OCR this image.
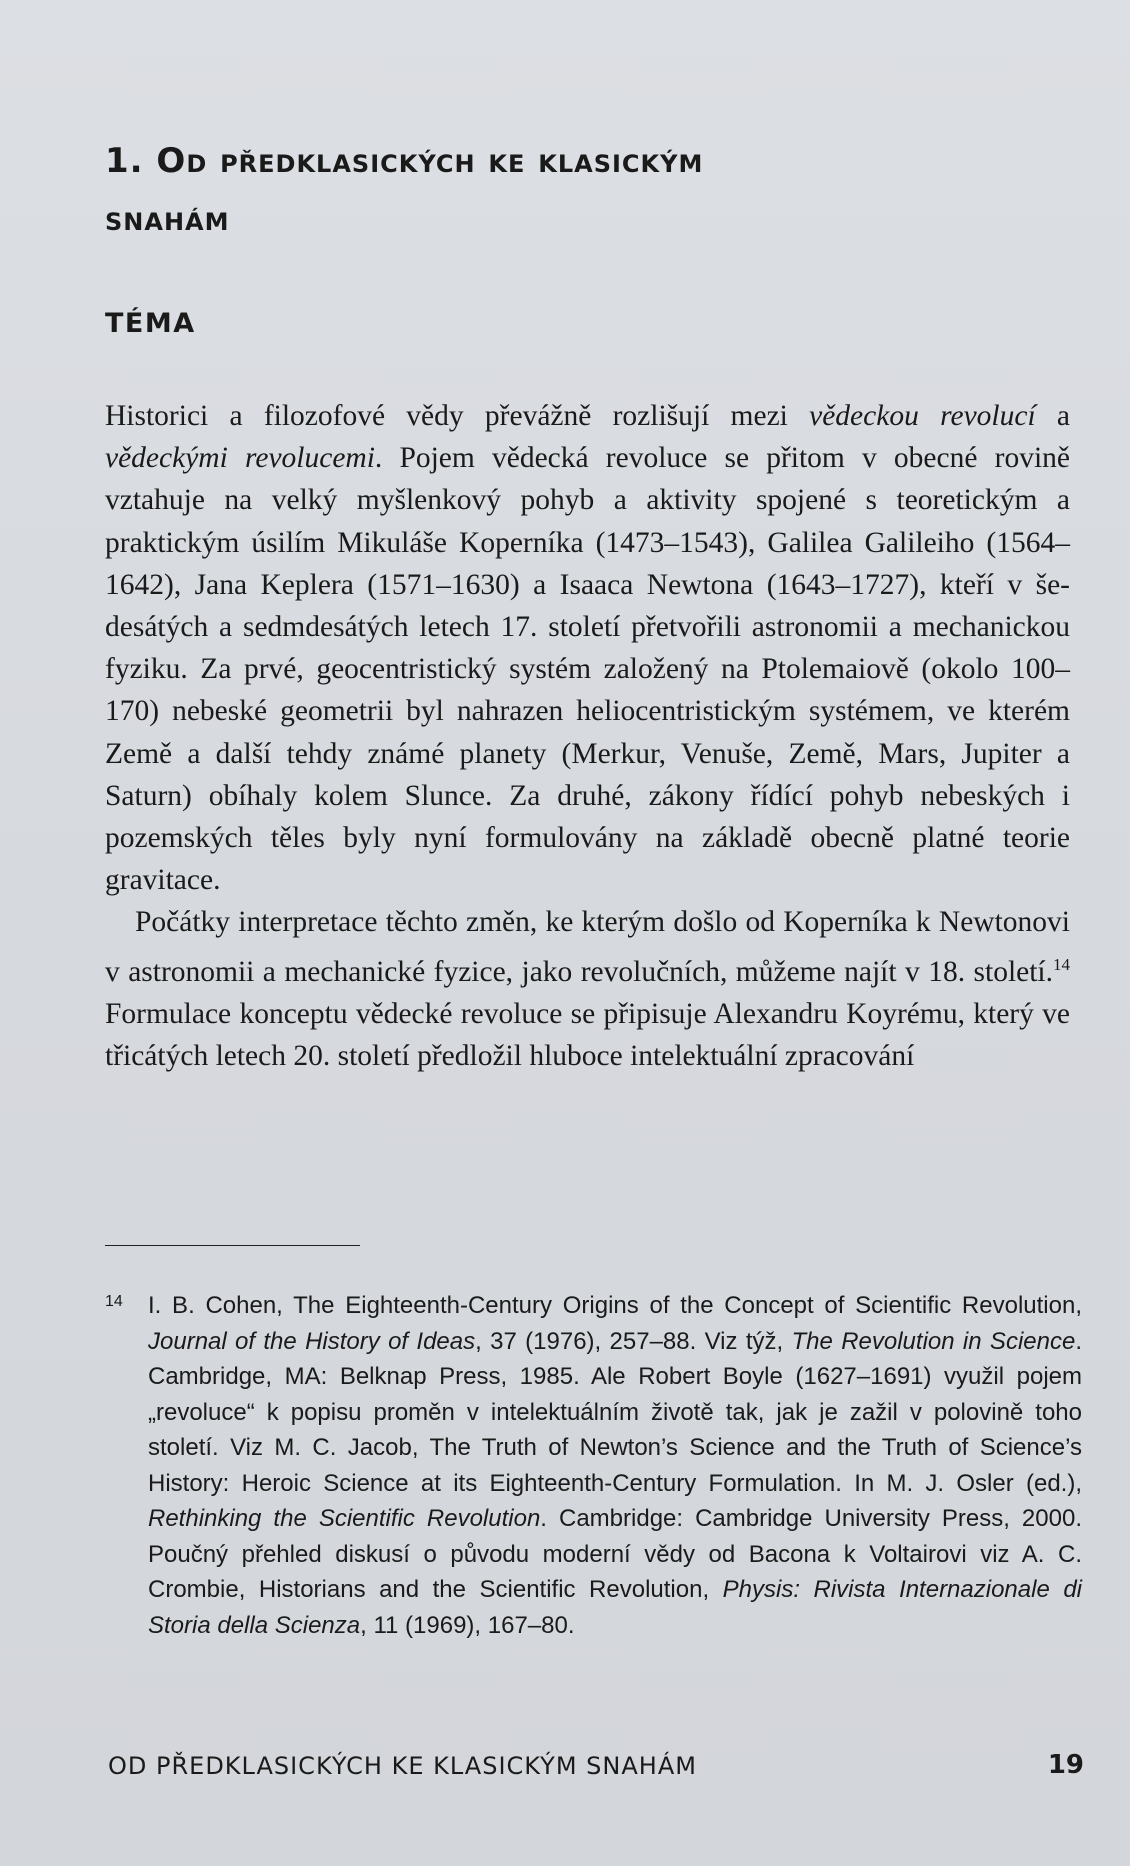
1. Od předklasických ke klasickým
snahám
TÉMA

Historici a filozofové vědy převážně rozlišují mezi vědeckou revolucí a vědeckými revolucemi. Pojem vědecká revoluce se přitom v obecné rovině vztahuje na velký myšlenkový pohyb a aktivity spojené s teoretickým a praktickým úsilím Mikuláše Koperníka (1473–1543), Galilea Galileiho (1564–1642), Jana Keplera (1571–1630) a Isaaca Newtona (1643–1727), kteří v šedesátých a sedmdesátých letech 17. století přetvořili astronomii a mechanickou fyziku. Za prvé, geocentristický systém založený na Ptolemaiově (okolo 100–170) nebeské geometrii byl nahrazen heliocentristickým systémem, ve kterém Země a další tehdy známé planety (Merkur, Venuše, Země, Mars, Jupiter a Saturn) obíhaly kolem Slunce. Za druhé, zákony řídící pohyb nebeských i pozemských těles byly nyní formulovány na základě obecně platné teorie gravitace.

Počátky interpretace těchto změn, ke kterým došlo od Koperníka k Newtonovi v astronomii a mechanické fyzice, jako revolučních, můžeme najít v 18. století.$^{14}$ Formulace konceptu vědecké revoluce se připisuje Alexandru Koyrému, který ve třicátých letech 20. století předložil hluboce intelektuální zpracování

14 I. B. Cohen, The Eighteenth-Century Origins of the Concept of Scientific Revolution, Journal of the History of Ideas, 37 (1976), 257–88. Viz týž, The Revolution in Science. Cambridge, MA: Belknap Press, 1985. Ale Robert Boyle (1627–1691) využil pojem „revoluce“ k popisu proměn v intelektuálním životě tak, jak je zažil v polovině toho století. Viz M. C. Jacob, The Truth of Newton’s Science and the Truth of Science’s History: Heroic Science at its Eighteenth-Century Formulation. In M. J. Osler (ed.), Rethinking the Scientific Revolution. Cambridge: Cambridge University Press, 2000. Poučný přehled diskusí o původu moderní vědy od Bacona k Voltairovi viz A. C. Crombie, Historians and the Scientific Revolution, Physis: Rivista Internazionale di Storia della Scienza, 11 (1969), 167–80.
OD PŘEDKLASICKÝCH KE KLASICKÝM SNAHÁM	19
